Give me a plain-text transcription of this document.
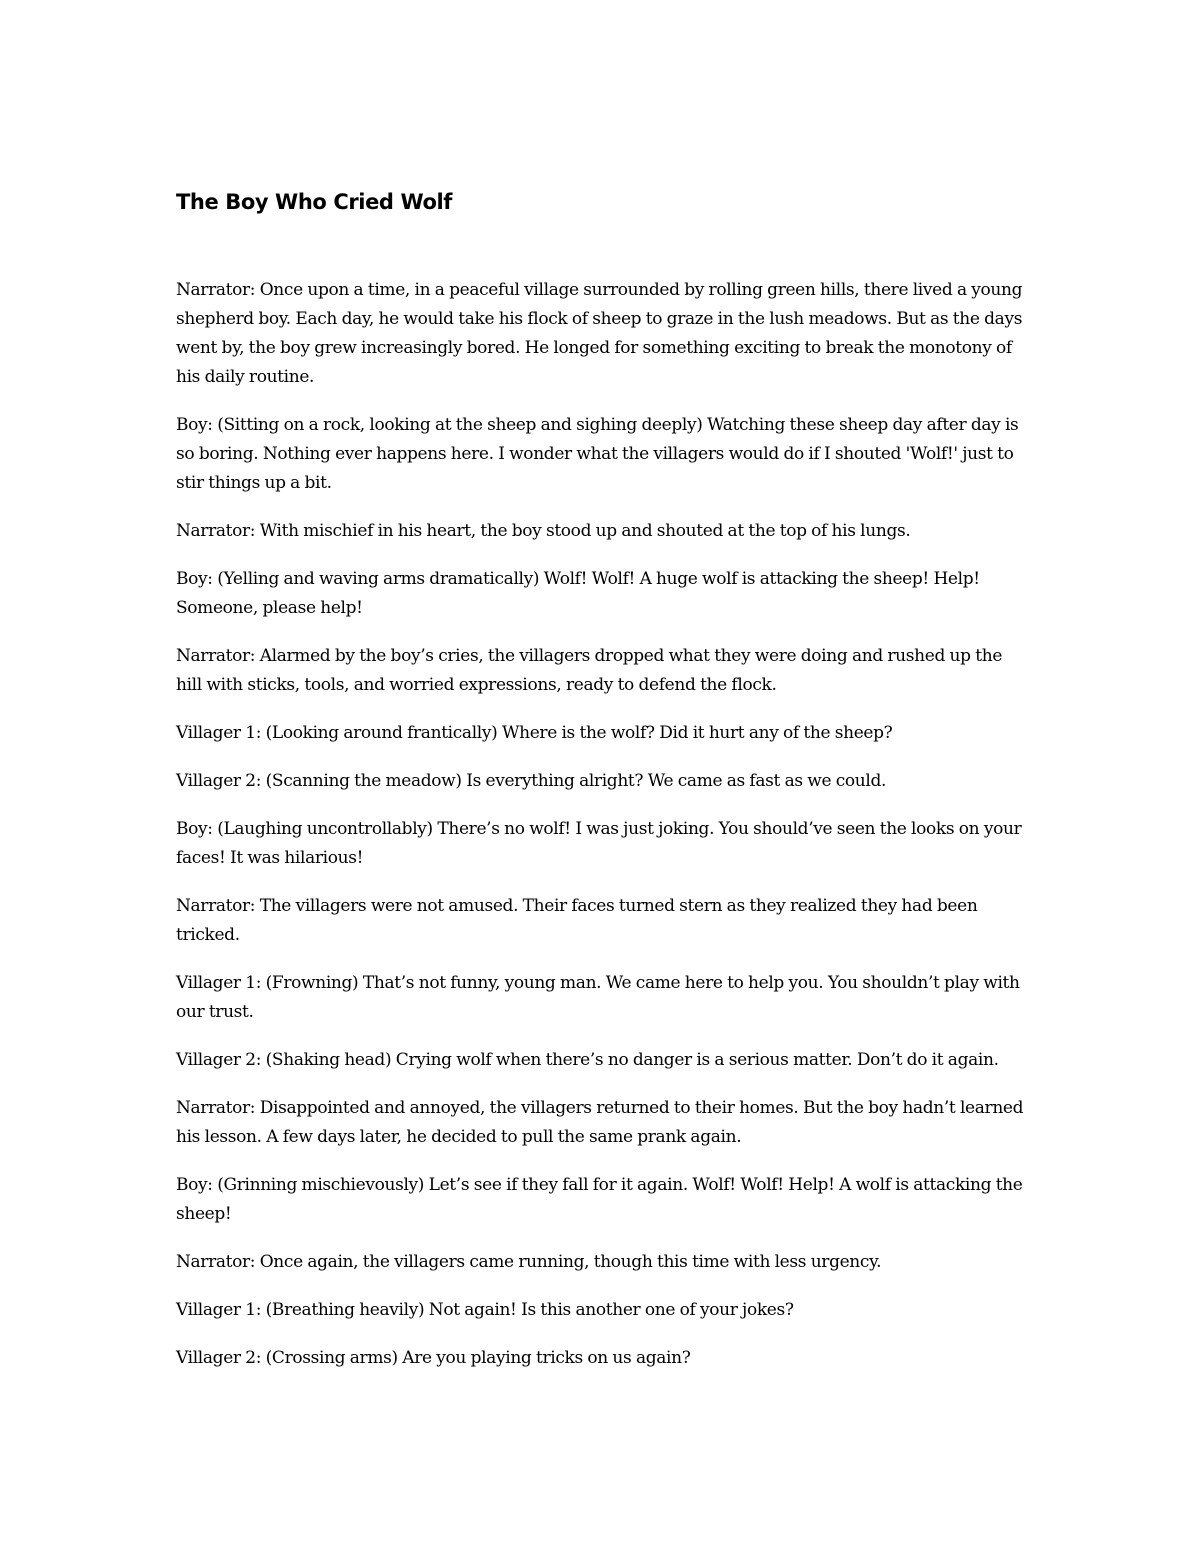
The Boy Who Cried Wolf

Narrator: Once upon a time, in a peaceful village surrounded by rolling green hills, there lived a young shepherd boy. Each day, he would take his flock of sheep to graze in the lush meadows. But as the days went by, the boy grew increasingly bored. He longed for something exciting to break the monotony of his daily routine.

Boy: (Sitting on a rock, looking at the sheep and sighing deeply) Watching these sheep day after day is so boring. Nothing ever happens here. I wonder what the villagers would do if I shouted 'Wolf!' just to stir things up a bit.

Narrator: With mischief in his heart, the boy stood up and shouted at the top of his lungs.

Boy: (Yelling and waving arms dramatically) Wolf! Wolf! A huge wolf is attacking the sheep! Help! Someone, please help!

Narrator: Alarmed by the boy’s cries, the villagers dropped what they were doing and rushed up the hill with sticks, tools, and worried expressions, ready to defend the flock.

Villager 1: (Looking around frantically) Where is the wolf? Did it hurt any of the sheep?

Villager 2: (Scanning the meadow) Is everything alright? We came as fast as we could.

Boy: (Laughing uncontrollably) There’s no wolf! I was just joking. You should’ve seen the looks on your faces! It was hilarious!

Narrator: The villagers were not amused. Their faces turned stern as they realized they had been tricked.

Villager 1: (Frowning) That’s not funny, young man. We came here to help you. You shouldn’t play with our trust.

Villager 2: (Shaking head) Crying wolf when there’s no danger is a serious matter. Don’t do it again.

Narrator: Disappointed and annoyed, the villagers returned to their homes. But the boy hadn’t learned his lesson. A few days later, he decided to pull the same prank again.

Boy: (Grinning mischievously) Let’s see if they fall for it again. Wolf! Wolf! Help! A wolf is attacking the sheep!

Narrator: Once again, the villagers came running, though this time with less urgency.

Villager 1: (Breathing heavily) Not again! Is this another one of your jokes?

Villager 2: (Crossing arms) Are you playing tricks on us again?
